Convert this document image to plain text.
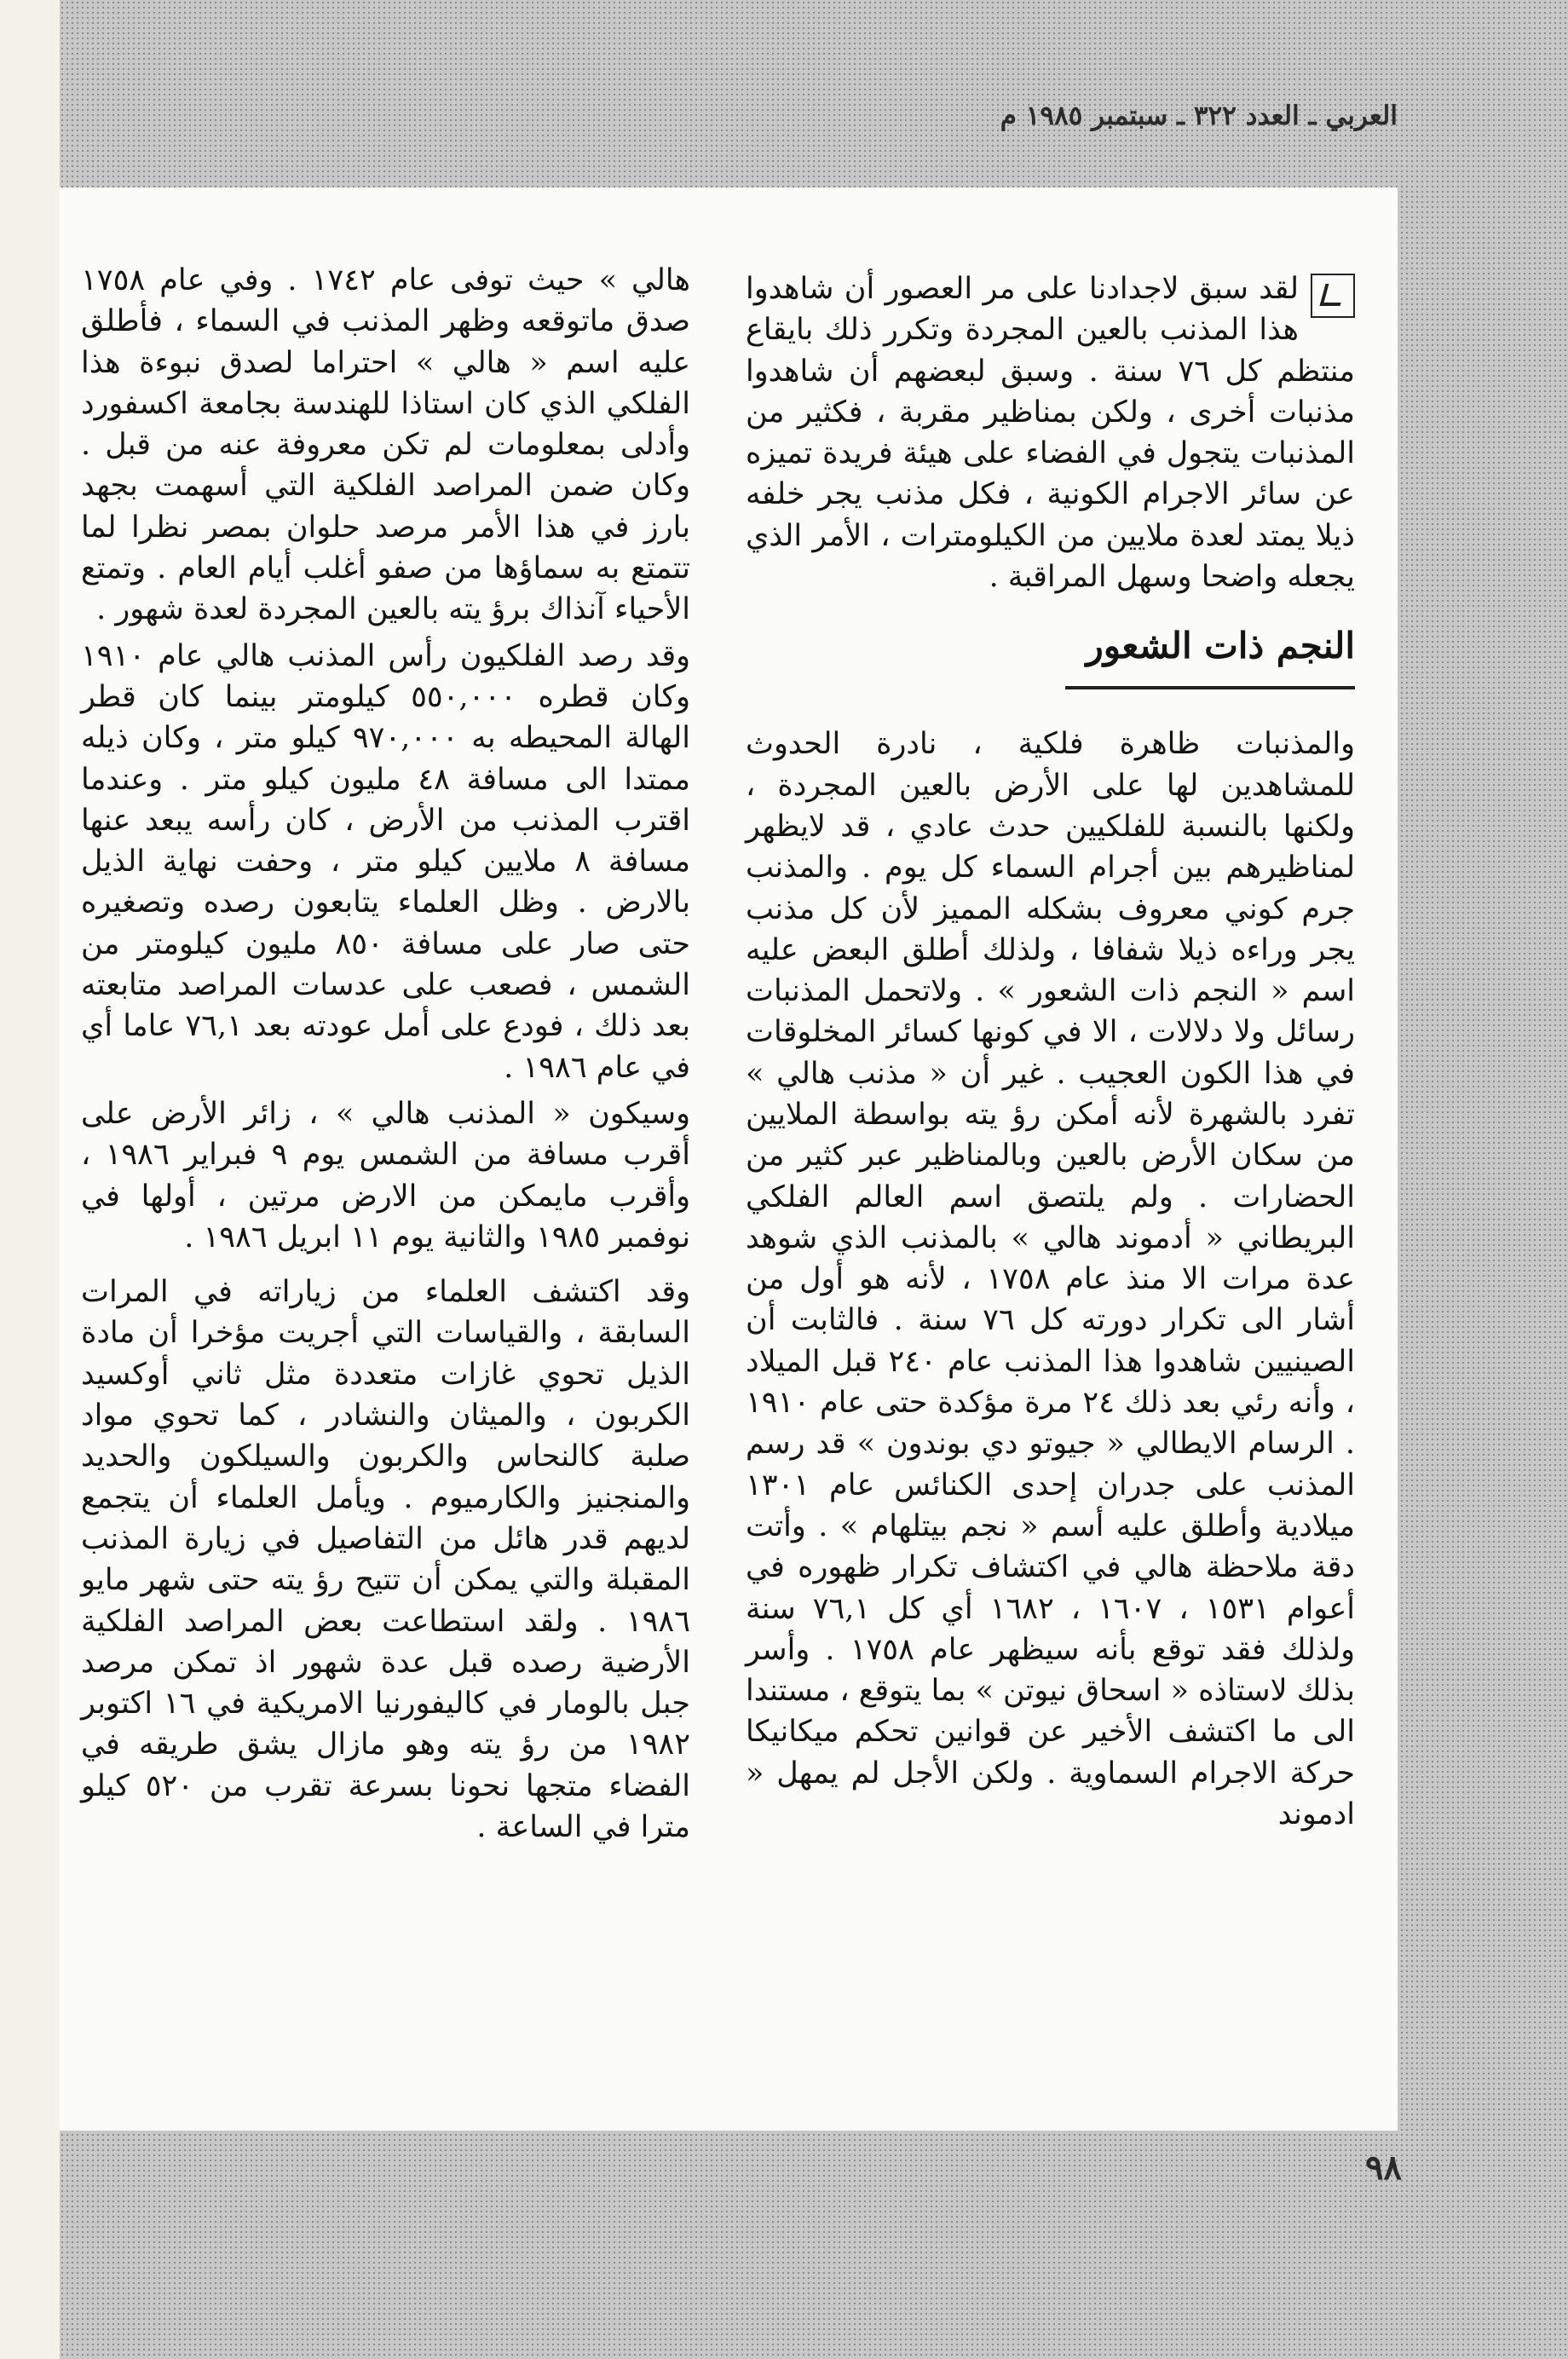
العربي ـ العدد ٣٢٢ ـ سبتمبر ١٩٨٥ م

لقد سبق لاجدادنا على مر العصور أن شاهدوا هذا المذنب بالعين المجردة وتكرر ذلك بايقاع منتظم كل ٧٦ سنة . وسبق لبعضهم أن شاهدوا مذنبات أخرى ، ولكن بمناظير مقربة ، فكثير من المذنبات يتجول في الفضاء على هيئة فريدة تميزه عن سائر الاجرام الكونية ، فكل مذنب يجر خلفه ذيلا يمتد لعدة ملايين من الكيلومترات ، الأمر الذي يجعله واضحا وسهل المراقبة .

النجم ذات الشعور

والمذنبات ظاهرة فلكية ، نادرة الحدوث للمشاهدين لها على الأرض بالعين المجردة ، ولكنها بالنسبة للفلكيين حدث عادي ، قد لايظهر لمناظيرهم بين أجرام السماء كل يوم . والمذنب جرم كوني معروف بشكله المميز لأن كل مذنب يجر وراءه ذيلا شفافا ، ولذلك أطلق البعض عليه اسم « النجم ذات الشعور » . ولاتحمل المذنبات رسائل ولا دلالات ، الا في كونها كسائر المخلوقات في هذا الكون العجيب . غير أن « مذنب هالي » تفرد بالشهرة لأنه أمكن رؤ يته بواسطة الملايين من سكان الأرض بالعين وبالمناظير عبر كثير من الحضارات . ولم يلتصق اسم العالم الفلكي البريطاني « أدموند هالي » بالمذنب الذي شوهد عدة مرات الا منذ عام ١٧٥٨ ، لأنه هو أول من أشار الى تكرار دورته كل ٧٦ سنة . فالثابت أن الصينيين شاهدوا هذا المذنب عام ٢٤٠ قبل الميلاد ، وأنه رئي بعد ذلك ٢٤ مرة مؤكدة حتى عام ١٩١٠ . الرسام الايطالي « جيوتو دي بوندون » قد رسم المذنب على جدران إحدى الكنائس عام ١٣٠١ ميلادية وأطلق عليه أسم « نجم بيتلهام » . وأتت دقة ملاحظة هالي في اكتشاف تكرار ظهوره في أعوام ١٥٣١ ، ١٦٠٧ ، ١٦٨٢ أي كل ٧٦,١ سنة ولذلك فقد توقع بأنه سيظهر عام ١٧٥٨ . وأسر بذلك لاستاذه « اسحاق نيوتن » بما يتوقع ، مستندا الى ما اكتشف الأخير عن قوانين تحكم ميكانيكا حركة الاجرام السماوية . ولكن الأجل لم يمهل « ادموند

هالي » حيث توفى عام ١٧٤٢ . وفي عام ١٧٥٨ صدق ماتوقعه وظهر المذنب في السماء ، فأطلق عليه اسم « هالي » احتراما لصدق نبوءة هذا الفلكي الذي كان استاذا للهندسة بجامعة اكسفورد وأدلى بمعلومات لم تكن معروفة عنه من قبل . وكان ضمن المراصد الفلكية التي أسهمت بجهد بارز في هذا الأمر مرصد حلوان بمصر نظرا لما تتمتع به سماؤها من صفو أغلب أيام العام . وتمتع الأحياء آنذاك برؤ يته بالعين المجردة لعدة شهور .

وقد رصد الفلكيون رأس المذنب هالي عام ١٩١٠ وكان قطره ٥٥٠,٠٠٠ كيلومتر بينما كان قطر الهالة المحيطه به ٩٧٠,٠٠٠ كيلو متر ، وكان ذيله ممتدا الى مسافة ٤٨ مليون كيلو متر . وعندما اقترب المذنب من الأرض ، كان رأسه يبعد عنها مسافة ٨ ملايين كيلو متر ، وحفت نهاية الذيل بالارض . وظل العلماء يتابعون رصده وتصغيره حتى صار على مسافة ٨٥٠ مليون كيلومتر من الشمس ، فصعب على عدسات المراصد متابعته بعد ذلك ، فودع على أمل عودته بعد ٧٦,١ عاما أي في عام ١٩٨٦ .

وسيكون « المذنب هالي » ، زائر الأرض على أقرب مسافة من الشمس يوم ٩ فبراير ١٩٨٦ ، وأقرب مايمكن من الارض مرتين ، أولها في نوفمبر ١٩٨٥ والثانية يوم ١١ ابريل ١٩٨٦ .

وقد اكتشف العلماء من زياراته في المرات السابقة ، والقياسات التي أجريت مؤخرا أن مادة الذيل تحوي غازات متعددة مثل ثاني أوكسيد الكربون ، والميثان والنشادر ، كما تحوي مواد صلبة كالنحاس والكربون والسيلكون والحديد والمنجنيز والكارميوم . ويأمل العلماء أن يتجمع لديهم قدر هائل من التفاصيل في زيارة المذنب المقبلة والتي يمكن أن تتيح رؤ يته حتى شهر مايو ١٩٨٦ . ولقد استطاعت بعض المراصد الفلكية الأرضية رصده قبل عدة شهور اذ تمكن مرصد جبل بالومار في كاليفورنيا الامريكية في ١٦ اكتوبر ١٩٨٢ من رؤ يته وهو مازال يشق طريقه في الفضاء متجها نحونا بسرعة تقرب من ٥٢٠ كيلو مترا في الساعة .

٩٨
